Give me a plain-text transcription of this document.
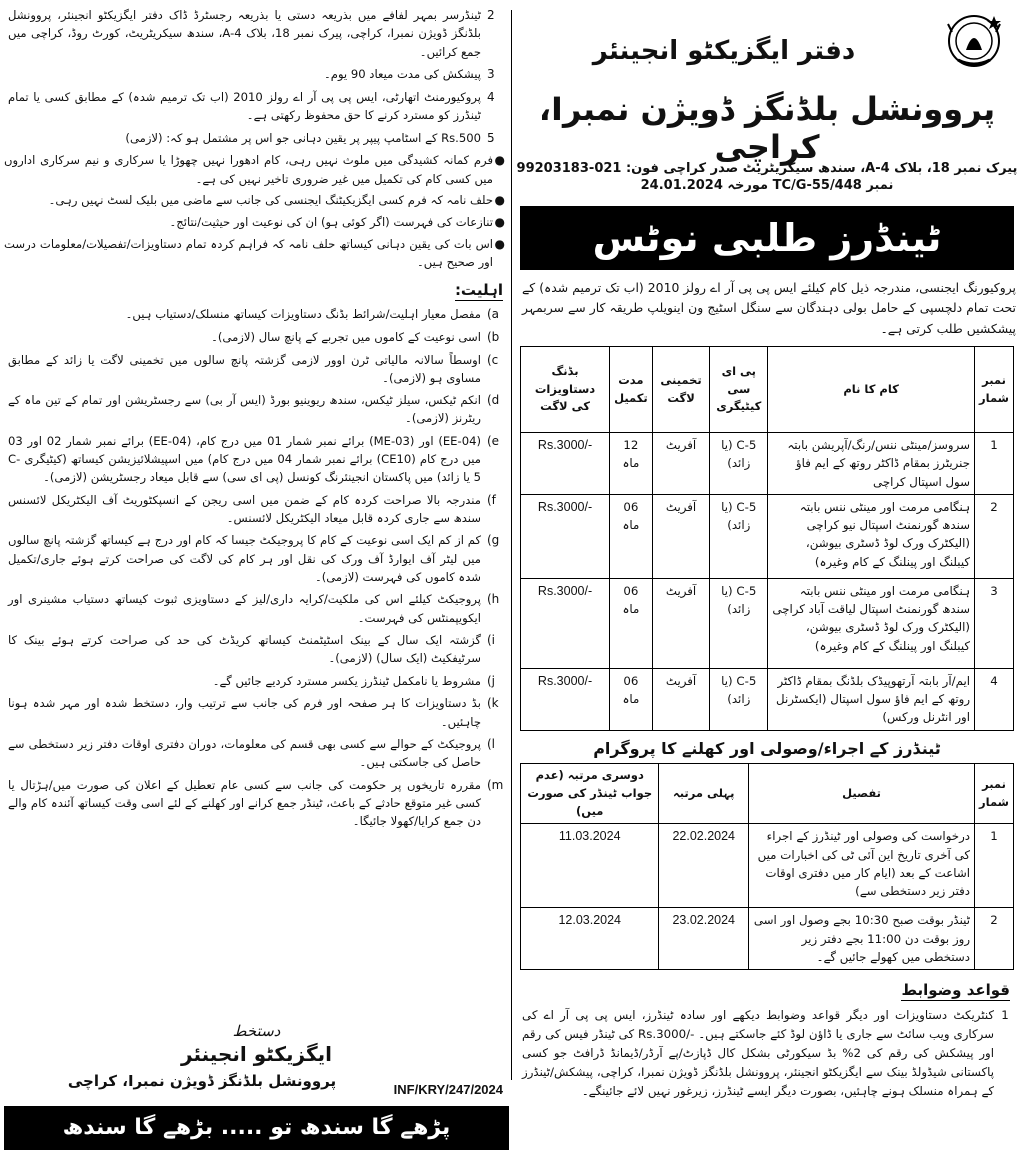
دفتر ایگزیکٹو انجینئر
پروونشل بلڈنگز ڈویژن نمبرI، کراچی
پیرک نمبر 18، بلاک A-4، سندھ سیکریٹریٹ صدر کراچی فون: 021-99203183
نمبر TC/G-55/448 مورخہ 24.01.2024
ٹینڈرز طلبی نوٹس
پروکیورنگ ایجنسی، مندرجہ ذیل کام کیلئے ایس پی پی آر اے رولز 2010 (اب تک ترمیم شدہ) کے تحت تمام دلچسپی کے حامل بولی دہندگان سے سنگل اسٹیج ون اینویلپ طریقہ کار سے سربمہر پیشکشیں طلب کرتی ہے۔
نمبر شمار	کام کا نام	پی ای سی کیٹیگری	تخمینی لاگت	مدت تکمیل	بڈنگ دستاویزات کی لاگت
1	سروسز/مینٹی ننس/رنگ/آپریشن بابتہ جنریٹرز بمقام ڈاکٹر روتھ کے ایم فاؤ سول اسپتال کراچی	C-5 (یا زائد)	آفریٹ	12 ماہ	Rs.3000/-
2	ہنگامی مرمت اور مینٹی ننس بابتہ سندھ گورنمنٹ اسپتال نیو کراچی (الیکٹرک ورک لوڈ ڈسٹری بیوشن، کیبلنگ اور پینلنگ کے کام وغیرہ)	C-5 (یا زائد)	آفریٹ	06 ماہ	Rs.3000/-
3	ہنگامی مرمت اور مینٹی ننس بابتہ سندھ گورنمنٹ اسپتال لیاقت آباد کراچی (الیکٹرک ورک لوڈ ڈسٹری بیوشن، کیبلنگ اور پینلنگ کے کام وغیرہ)	C-5 (یا زائد)	آفریٹ	06 ماہ	Rs.3000/-
4	ایم/آر بابتہ آرتھوپیڈک بلڈنگ بمقام ڈاکٹر روتھ کے ایم فاؤ سول اسپتال (ایکسٹرنل اور انٹرنل ورکس)	C-5 (یا زائد)	آفریٹ	06 ماہ	Rs.3000/-
ٹینڈرز کے اجراء/وصولی اور کھلنے کا پروگرام
نمبر شمار	تفصیل	پہلی مرتبہ	دوسری مرتبہ (عدم جواب ٹینڈر کی صورت میں)
1	درخواست کی وصولی اور ٹینڈرز کے اجراء کی آخری تاریخ این آئی ٹی کی اخبارات میں اشاعت کے بعد (ایام کار میں دفتری اوقات دفتر زیر دستخطی سے)	22.02.2024	11.03.2024
2	ٹینڈر بوقت صبح 10:30 بجے وصول اور اسی روز بوقت دن 11:00 بجے دفتر زیر دستخطی میں کھولے جائیں گے۔	23.02.2024	12.03.2024
قواعد وضوابط
1
کنٹریکٹ دستاویزات اور دیگر قواعد وضوابط دیکھے اور سادہ ٹینڈرز، ایس پی پی آر اے کی سرکاری ویب سائٹ سے جاری یا ڈاؤن لوڈ کئے جاسکتے ہیں۔ -/Rs.3000 کی ٹینڈر فیس کی رقم اور پیشکش کی رقم کی 2% بڈ سیکورٹی بشکل کال ڈپازٹ/پے آرڈر/ڈیمانڈ ڈرافٹ جو کسی پاکستانی شیڈولڈ بینک سے ایگزیکٹو انجینئر، پروونشل بلڈنگز ڈویژن نمبرI، کراچی، پیشکش/ٹینڈرز کے ہمراہ منسلک ہونے چاہئیں، بصورت دیگر ایسے ٹینڈرز، زیرغور نہیں لائے جائینگے۔
2
ٹینڈرسر بمہر لفافے میں بذریعہ دستی یا بذریعہ رجسٹرڈ ڈاک دفتر ایگزیکٹو انجینئر، پروونشل بلڈنگز ڈویژن نمبرI، کراچی، پیرک نمبر 18، بلاک A-4، سندھ سیکریٹریٹ، کورٹ روڈ، کراچی میں جمع کرائیں۔
3
پیشکش کی مدت میعاد 90 یوم۔
4
پروکیورمنٹ اتھارٹی، ایس پی پی آر اے رولز 2010 (اب تک ترمیم شدہ) کے مطابق کسی یا تمام ٹینڈرز کو مسترد کرنے کا حق محفوظ رکھتی ہے۔
5
Rs.500 کے اسٹامپ پیپر پر یقین دہانی جو اس پر مشتمل ہو کہ: (لازمی)
●
فرم کمانہ کشیدگی میں ملوث نہیں رہی، کام ادھورا نہیں چھوڑا یا سرکاری و نیم سرکاری اداروں میں کسی کام کی تکمیل میں غیر ضروری تاخیر نہیں کی ہے۔
●
حلف نامہ کہ فرم کسی ایگزیکیٹنگ ایجنسی کی جانب سے ماضی میں بلیک لسٹ نہیں رہی۔
●
تنازعات کی فہرست (اگر کوئی ہو) ان کی نوعیت اور حیثیت/نتائج۔
●
اس بات کی یقین دہانی کیساتھ حلف نامہ کہ فراہم کردہ تمام دستاویزات/تفصیلات/معلومات درست اور صحیح ہیں۔
اہلیت:
(a
مفصل معیار اہلیت/شرائط بڈنگ دستاویزات کیساتھ منسلک/دستیاب ہیں۔
(b
اسی نوعیت کے کاموں میں تجربے کے پانچ سال (لازمی)۔
(c
اوسطاً سالانہ مالیاتی ٹرن اوور لازمی گزشتہ پانچ سالوں میں تخمینی لاگت یا زائد کے مطابق مساوی ہو (لازمی)۔
(d
انکم ٹیکس، سیلز ٹیکس، سندھ ریوینیو بورڈ (ایس آر بی) سے رجسٹریشن اور تمام کے تین ماہ کے ریٹرنز (لازمی)۔
(e
(EE-04) اور (ME-03) برائے نمبر شمار 01 میں درج کام، (EE-04) برائے نمبر شمار 02 اور 03 میں درج کام (CE10) برائے نمبر شمار 04 میں درج کام) میں اسپیشلائیزیشن کیساتھ (کیٹیگری C-5 یا زائد) میں پاکستان انجینئرنگ کونسل (پی ای سی) سے قابل میعاد رجسٹریشن (لازمی)۔
(f
مندرجہ بالا صراحت کردہ کام کے ضمن میں اسی ریجن کے انسپکٹوریٹ آف الیکٹریکل لائسنس سندھ سے جاری کردہ قابل میعاد الیکٹریکل لائسنس۔
(g
کم از کم ایک اسی نوعیت کے کام کا پروجیکٹ جیسا کہ کام اور درج ہے کیساتھ گزشتہ پانچ سالوں میں لیٹر آف ایوارڈ آف ورک کی نقل اور ہر کام کی لاگت کی صراحت کرتے ہوئے جاری/تکمیل شدہ کاموں کی فہرست (لازمی)۔
(h
پروجیکٹ کیلئے اس کی ملکیت/کرایہ داری/لیز کے دستاویزی ثبوت کیساتھ دستیاب مشینری اور ایکویپمنٹس کی فہرست۔
(i
گزشتہ ایک سال کے بینک اسٹیٹمنٹ کیساتھ کریڈٹ کی حد کی صراحت کرتے ہوئے بینک کا سرٹیفکیٹ (ایک سال) (لازمی)۔
(j
مشروط یا نامکمل ٹینڈرز یکسر مسترد کردیے جائیں گے۔
(k
بڈ دستاویزات کا ہر صفحہ اور فرم کی جانب سے ترتیب وار، دستخط شدہ اور مہر شدہ ہونا چاہئیں۔
(l
پروجیکٹ کے حوالے سے کسی بھی قسم کی معلومات، دوران دفتری اوقات دفتر زیر دستخطی سے حاصل کی جاسکتی ہیں۔
(m
مقررہ تاریخوں پر حکومت کی جانب سے کسی عام تعطیل کے اعلان کی صورت میں/ہڑتال یا کسی غیر متوقع حادثے کے باعث، ٹینڈر جمع کرانے اور کھلنے کے لئے اسی وقت کیساتھ آئندہ کام والے دن جمع کرایا/کھولا جائیگا۔
دستخط
ایگزیکٹو انجینئر
پروونشل بلڈنگز ڈویژن نمبرI، کراچی	INF/KRY/247/2024
پڑھے گا سندھ تو ..... بڑھے گا سندھ
